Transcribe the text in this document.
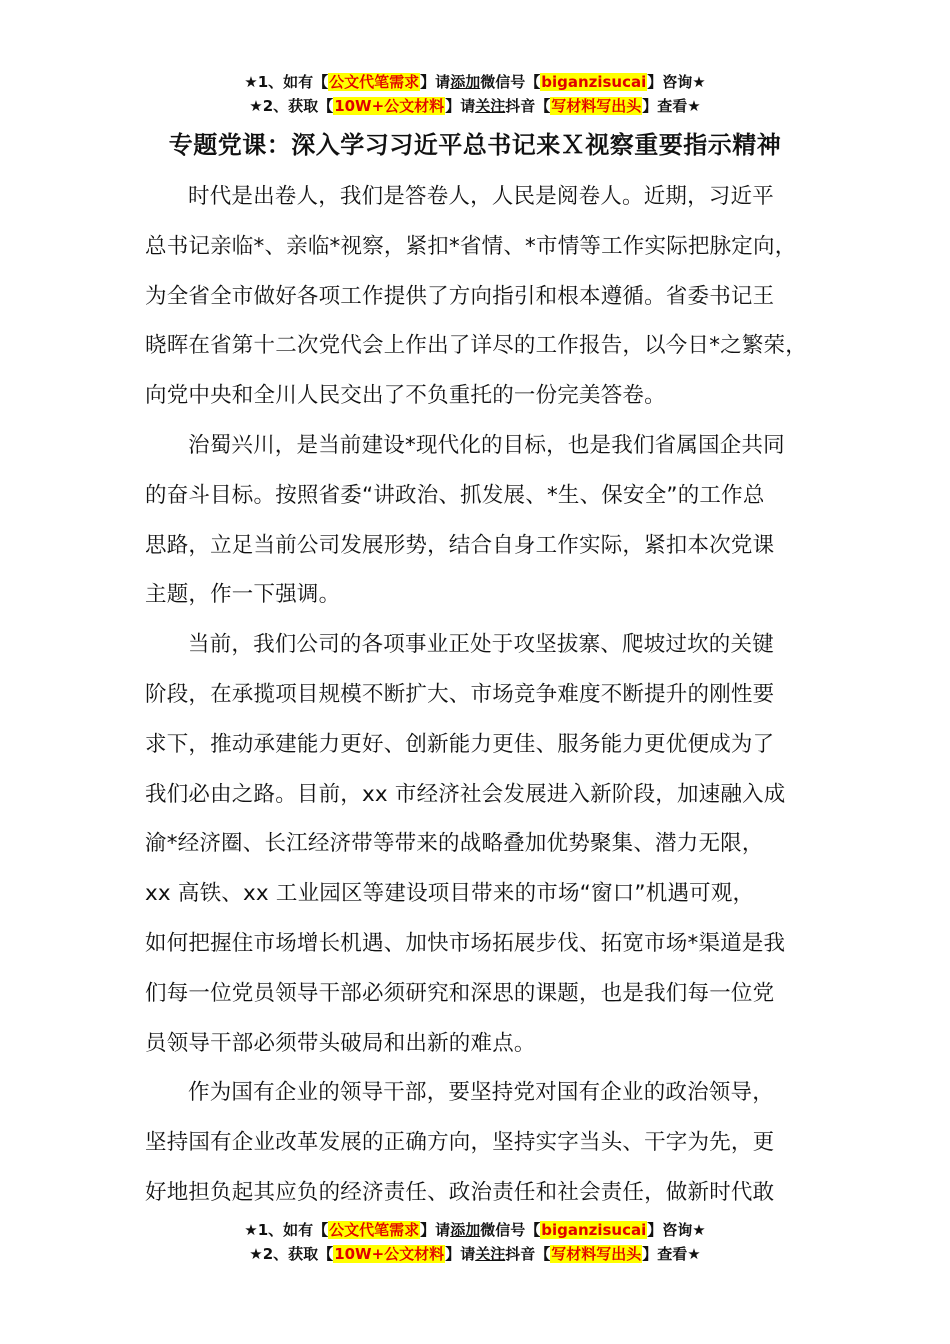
★1、如有【公文代笔需求】请添加微信号【biganzisucai】咨询★
★2、获取【10W+公文材料】请关注抖音【写材料写出头】查看★
专题党课：深入学习习近平总书记来Ｘ视察重要指示精神
时代是出卷人，我们是答卷人，人民是阅卷人。近期，习近平
总书记亲临*、亲临*视察，紧扣*省情、*市情等工作实际把脉定向，
为全省全市做好各项工作提供了方向指引和根本遵循。省委书记王
晓晖在省第十二次党代会上作出了详尽的工作报告，以今日*之繁荣，
向党中央和全川人民交出了不负重托的一份完美答卷。
治蜀兴川，是当前建设*现代化的目标，也是我们省属国企共同
的奋斗目标。按照省委“讲政治、抓发展、*生、保安全”的工作总
思路，立足当前公司发展形势，结合自身工作实际，紧扣本次党课
主题，作一下强调。
当前，我们公司的各项事业正处于攻坚拔寨、爬坡过坎的关键
阶段，在承揽项目规模不断扩大、市场竞争难度不断提升的刚性要
求下，推动承建能力更好、创新能力更佳、服务能力更优便成为了
我们必由之路。目前，xx 市经济社会发展进入新阶段，加速融入成
渝*经济圈、长江经济带等带来的战略叠加优势聚集、潜力无限，
xx 高铁、xx 工业园区等建设项目带来的市场“窗口”机遇可观，
如何把握住市场增长机遇、加快市场拓展步伐、拓宽市场*渠道是我
们每一位党员领导干部必须研究和深思的课题，也是我们每一位党
员领导干部必须带头破局和出新的难点。
作为国有企业的领导干部，要坚持党对国有企业的政治领导，
坚持国有企业改革发展的正确方向，坚持实字当头、干字为先，更
好地担负起其应负的经济责任、政治责任和社会责任，做新时代敢
★1、如有【公文代笔需求】请添加微信号【biganzisucai】咨询★
★2、获取【10W+公文材料】请关注抖音【写材料写出头】查看★
